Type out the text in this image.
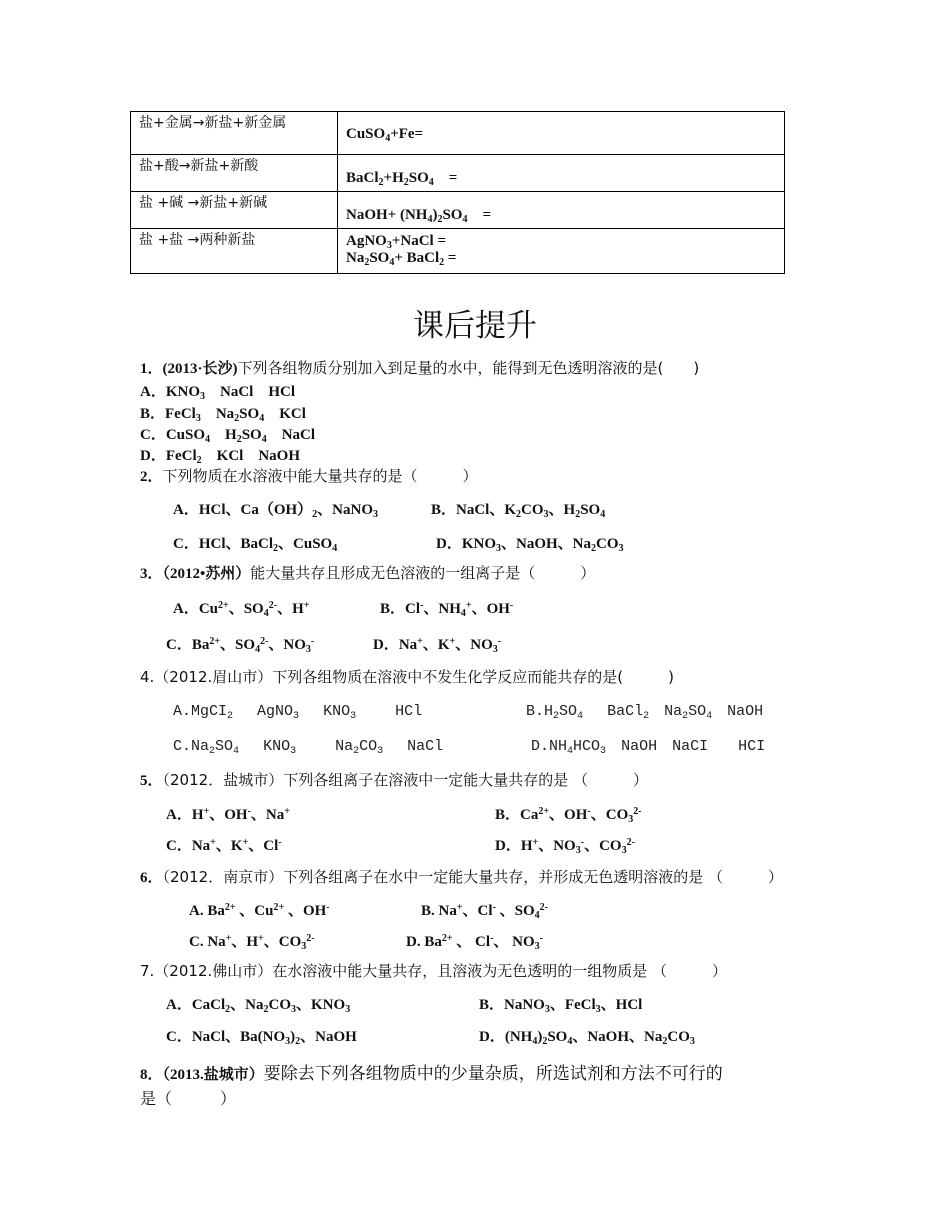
盐+金属→新盐+新金属	CuSO$_4$+Fe=

盐+酸→新盐+新酸	$BaCl_2+H_2SO_4$　=

盐 +碱 →新盐+新碱	NaOH+ $(NH_4)_2SO_4$　=

盐 +盐 →两种新盐	AgNO$_3$+NaCl =
$Na_2SO_4+$ BaCl$_2$ =
课后提升
1．(2013·长沙)下列各组物质分别加入到足量的水中，能得到无色透明溶液的是(　　)
A．$KNO_3$　NaCl　HCl
B．FeCl$_3$　$Na_2SO_4$　KCl
C．CuSO$_4$　$H_2SO_4$　NaCl
D．FeCl$_2$　KCl　NaOH
2．下列物质在水溶液中能大量共存的是（　　　）
A．HCl、$Ca(OH)_2$、NaNO$_3$	B．NaCl、$K_2CO_3$、$H_2SO_4$
C．HCl、BaCl$_2$、CuSO$_4$	D．$KNO_3$、NaOH、$Na_2CO_3$
3．（2012•苏州）能大量共存且形成无色溶液的一组离子是（　　　）
A．$Cu^{2+}$、$SO_4^{2-}$、H+	B．Cl-、$NH_4^+$、OH-
C．$Ba^{2+}$、$SO_4^{2-}$、$NO_3^-$	D．Na+、K+、$NO_3^-$
4.（2012.眉山市）下列各组物质在溶液中不发生化学反应而能共存的是(　　　)
A.MgCI$_2$　 AgNO$_3$　 $KNO_3$　　 HCl	$B.H_2SO_4$　 BaCl$_2$　$Na_2SO_4$　NaOH
$C.Na_2SO_4$　 $KNO_3$　　 $Na_2CO_3$　 NaCl	$D.NH_4HCO_3$　NaOH　NaCI　　HCI
5．（2012．盐城市）下列各组离子在溶液中一定能大量共存的是 （　　　）
A．H+、OH-、Na+	B．$Ca^{2+}$、OH-、$CO_3^{2-}$
C．Na+、K+、Cl-	D．H+、$NO_3^-$、$CO_3^{2-}$
6．（2012．南京市）下列各组离子在水中一定能大量共存，并形成无色透明溶液的是 （　　　）
A. $Ba^{2+}$ 、$Cu^{2+}$ 、OH-	B. Na+、Cl- 、$SO_4^{2-}$
C. Na+、H+、$CO_3^{2-}$	D. $Ba^{2+}$ 、 Cl-、 $NO_3^-$
7.（2012.佛山市）在水溶液中能大量共存，且溶液为无色透明的一组物质是 （　　　）
A．CaCl$_2$、$Na_2CO_3$、$KNO_3$	B．NaNO$_3$、FeCl$_3$、HCl
C．NaCl、$Ba(NO_3)_2$、NaOH	D．$(NH_4)_2SO_4$、NaOH、$Na_2CO_3$
8．（2013.盐城市）要除去下列各组物质中的少量杂质，所选试剂和方法不可行的
是（　　　）
